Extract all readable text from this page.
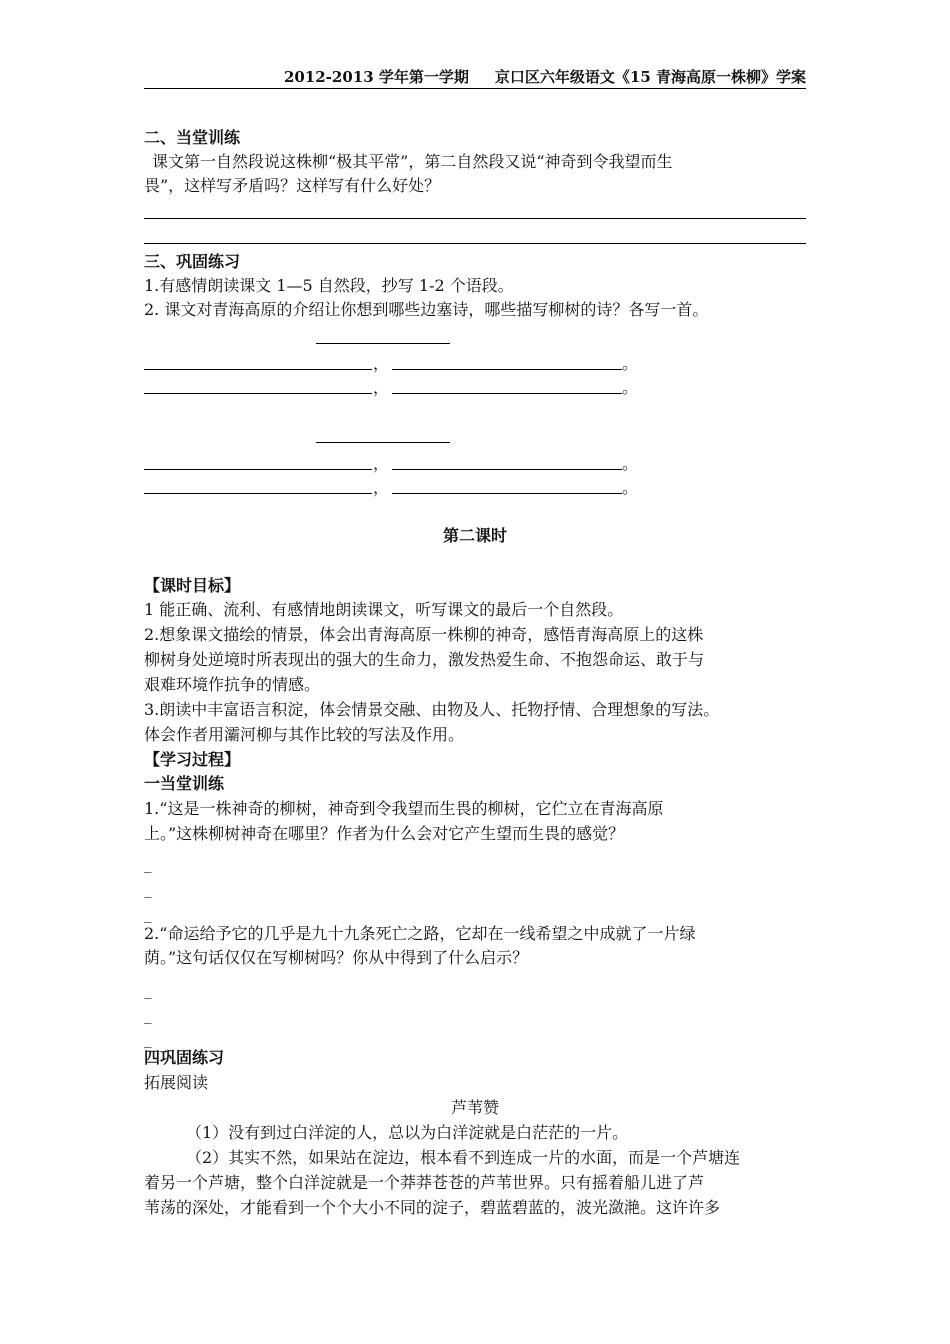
2012-2013 学年第一学期 京口区六年级语文《15 青海高原一株柳》学案
二、当堂训练
课文第一自然段说这株柳“极其平常”，第二自然段又说“神奇到令我望而生
畏”，这样写矛盾吗？这样写有什么好处？
三、巩固练习
1.有感情朗读课文 1—5 自然段，抄写 1-2 个语段。
2. 课文对青海高原的介绍让你想到哪些边塞诗，哪些描写柳树的诗？各写一首。
，	。
，	。
，	。
，	。
第二课时
【课时目标】
1 能正确、流利、有感情地朗读课文，听写课文的最后一个自然段。
2.想象课文描绘的情景，体会出青海高原一株柳的神奇，感悟青海高原上的这株
柳树身处逆境时所表现出的强大的生命力，激发热爱生命、不抱怨命运、敢于与
艰难环境作抗争的情感。
3.朗读中丰富语言积淀，体会情景交融、由物及人、托物抒情、合理想象的写法。
体会作者用灞河柳与其作比较的写法及作用。
【学习过程】
一当堂训练
1.“这是一株神奇的柳树，神奇到令我望而生畏的柳树，它伫立在青海高原
上。”这株柳树神奇在哪里？作者为什么会对它产生望而生畏的感觉？
_
_
_
2.“命运给予它的几乎是九十九条死亡之路，它却在一线希望之中成就了一片绿
荫。”这句话仅仅在写柳树吗？你从中得到了什么启示？
_
_
_
四巩固练习
拓展阅读
芦苇赞
（1）没有到过白洋淀的人，总以为白洋淀就是白茫茫的一片。
（2）其实不然，如果站在淀边，根本看不到连成一片的水面，而是一个芦塘连
着另一个芦塘，整个白洋淀就是一个莽莽苍苍的芦苇世界。只有摇着船儿进了芦
苇荡的深处，才能看到一个个大小不同的淀子，碧蓝碧蓝的，波光潋滟。这许许多
